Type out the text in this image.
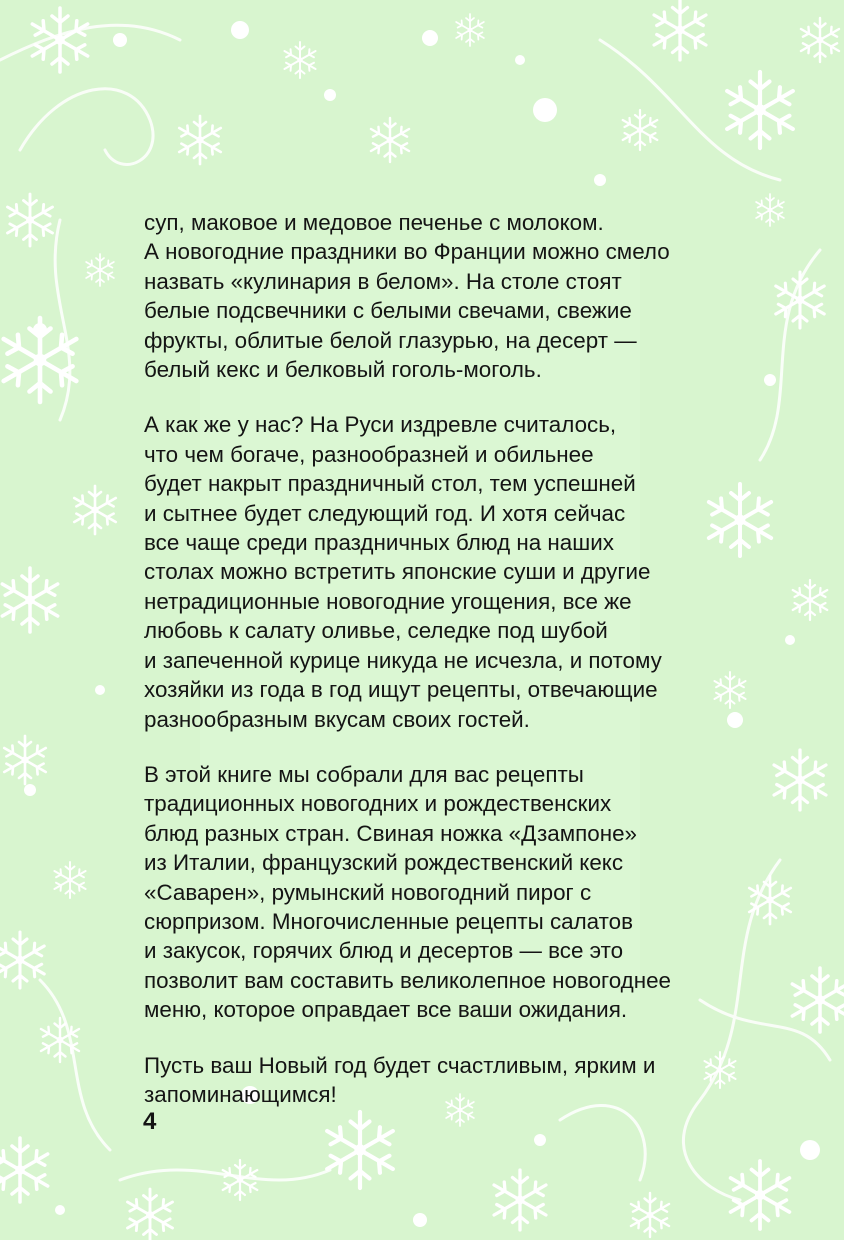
суп, маковое и медовое печенье с молоком.
А новогодние праздники во Франции можно смело
назвать «кулинария в белом». На столе стоят
белые подсвечники с белыми свечами, свежие
фрукты, облитые белой глазурью, на десерт —
белый кекс и белковый гоголь-моголь.

А как же у нас? На Руси издревле считалось,
что чем богаче, разнообразней и обильнее
будет накрыт праздничный стол, тем успешней
и сытнее будет следующий год. И хотя сейчас
все чаще среди праздничных блюд на наших
столах можно встретить японские суши и другие
нетрадиционные новогодние угощения, все же
любовь к салату оливье, селедке под шубой
и запеченной курице никуда не исчезла, и потому
хозяйки из года в год ищут рецепты, отвечающие
разнообразным вкусам своих гостей.

В этой книге мы собрали для вас рецепты
традиционных новогодних и рождественских
блюд разных стран. Свиная ножка «Дзампоне»
из Италии, французский рождественский кекс
«Саварен», румынский новогодний пирог с
сюрпризом. Многочисленные рецепты салатов
и закусок, горячих блюд и десертов — все это
позволит вам составить великолепное новогоднее
меню, которое оправдает все ваши ожидания.

Пусть ваш Новый год будет счастливым, ярким и
запоминающимся!

4
